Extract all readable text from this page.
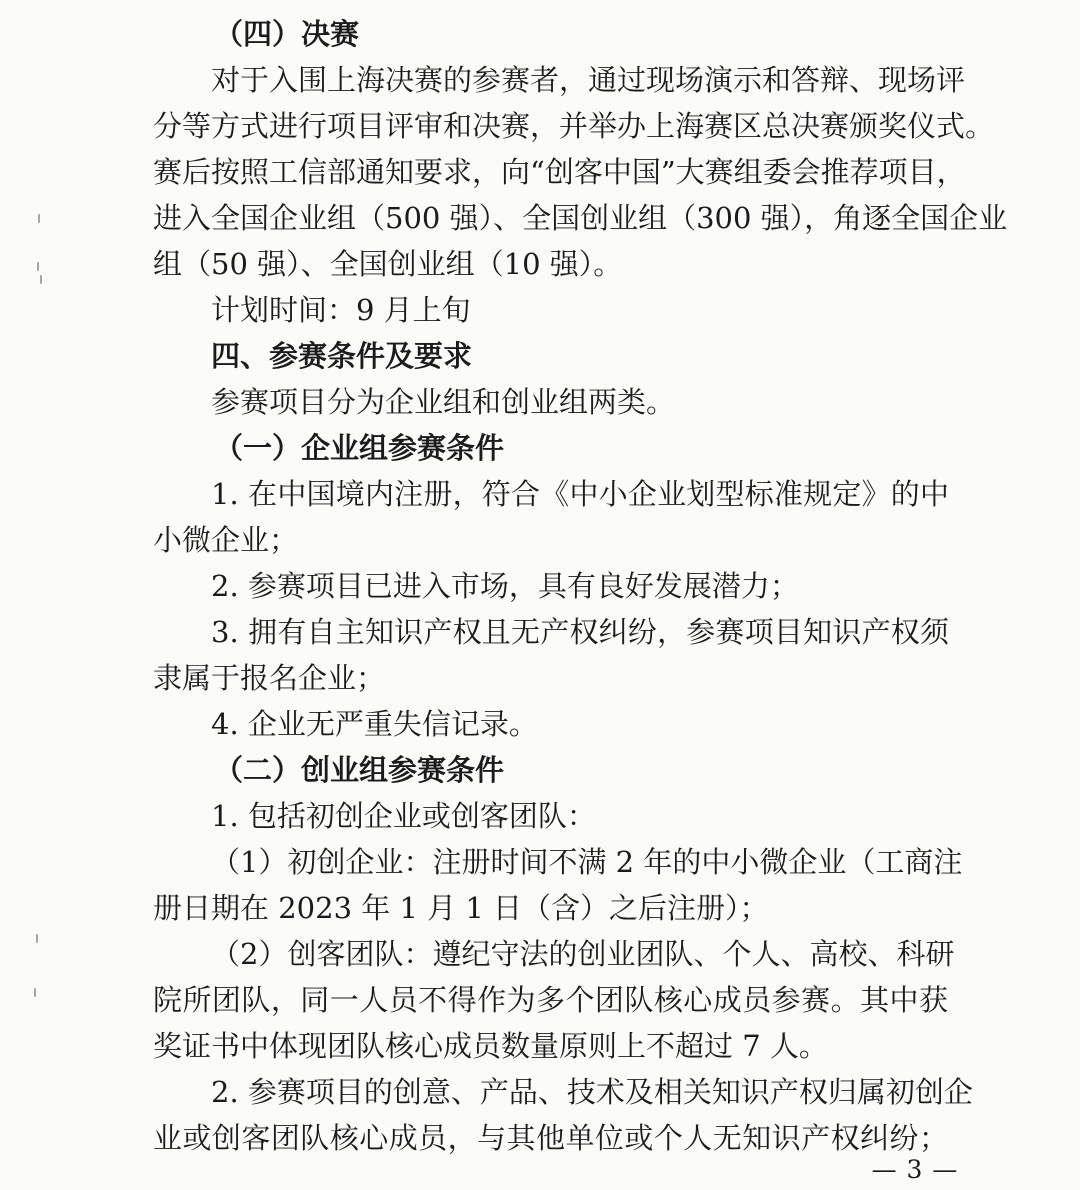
（四）决赛
对于入围上海决赛的参赛者，通过现场演示和答辩、现场评
分等方式进行项目评审和决赛，并举办上海赛区总决赛颁奖仪式。
赛后按照工信部通知要求，向“创客中国”大赛组委会推荐项目，
进入全国企业组（500 强）、全国创业组（300 强），角逐全国企业
组（50 强）、全国创业组（10 强）。
计划时间：9 月上旬
四、参赛条件及要求
参赛项目分为企业组和创业组两类。
（一）企业组参赛条件
1. 在中国境内注册，符合《中小企业划型标准规定》的中
小微企业；
2. 参赛项目已进入市场，具有良好发展潜力；
3. 拥有自主知识产权且无产权纠纷，参赛项目知识产权须
隶属于报名企业；
4. 企业无严重失信记录。
（二）创业组参赛条件
1. 包括初创企业或创客团队：
（1）初创企业：注册时间不满 2 年的中小微企业（工商注
册日期在 2023 年 1 月 1 日（含）之后注册）；
（2）创客团队：遵纪守法的创业团队、个人、高校、科研
院所团队，同一人员不得作为多个团队核心成员参赛。其中获
奖证书中体现团队核心成员数量原则上不超过 7 人。
2. 参赛项目的创意、产品、技术及相关知识产权归属初创企
业或创客团队核心成员，与其他单位或个人无知识产权纠纷；
— 3 —
